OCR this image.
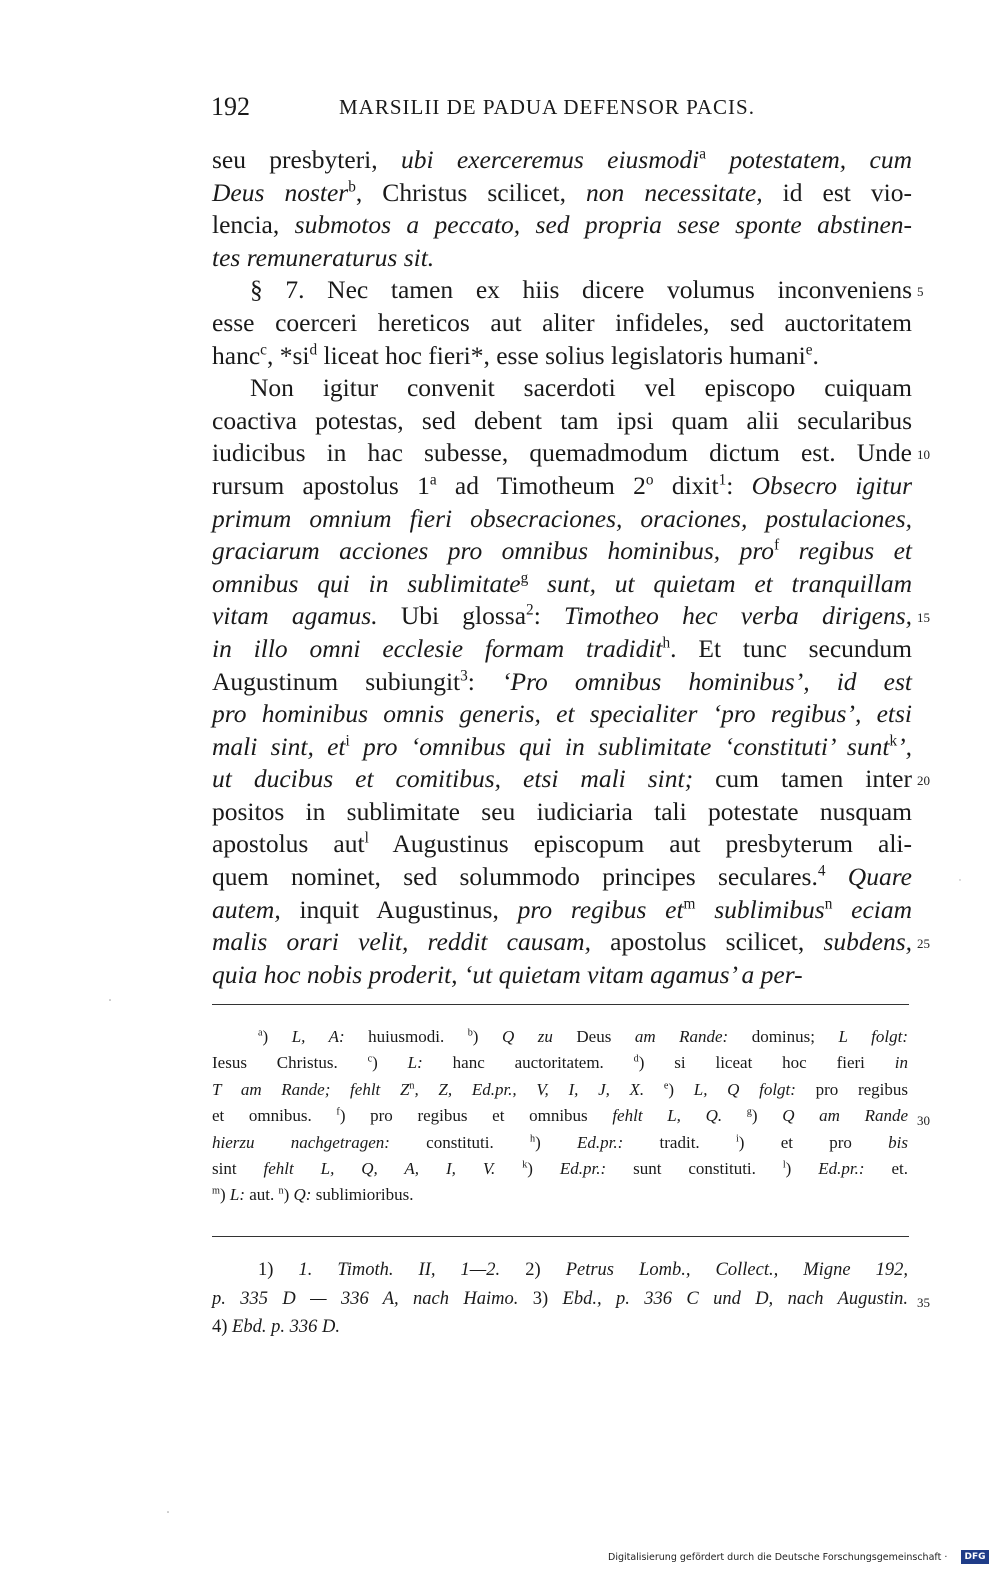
192	MARSILII DE PADUA DEFENSOR PACIS.
seu presbyteri, ubi exerceremus eiusmodi$^a$ potestatem, cum
Deus noster$^b$, Christus scilicet, non necessitate, id est vio-
lencia, submotos a peccato, sed propria sese sponte abstinen-
tes remuneraturus sit.
§ 7. Nec tamen ex hiis dicere volumus inconveniens
esse coerceri hereticos aut aliter infideles, sed auctoritatem
hanc$^c$, $*si^d$ liceat hoc fieri*, esse solius legislatoris humani$^e$.
Non igitur convenit sacerdoti vel episcopo cuiquam
coactiva potestas, sed debent tam ipsi quam alii secularibus
iudicibus in hac subesse, quemadmodum dictum est. Unde
rursum apostolus 1$^a$ ad Timotheum 2$^o$ dixit$^1$: Obsecro igitur
primum omnium fieri obsecraciones, oraciones, postulaciones,
graciarum acciones pro omnibus hominibus, pro$^f$ regibus et
omnibus qui in sublimitate$^g$ sunt, ut quietam et tranquillam
vitam agamus. Ubi glossa$^2$: Timotheo hec verba dirigens,
in illo omni ecclesie formam tradidit$^h$. Et tunc secundum
Augustinum subiungit$^3$: ‘Pro omnibus hominibus’, id est
pro hominibus omnis generis, et specialiter ‘pro regibus’, etsi
mali sint, $et^i$ pro ‘omnibus qui in sublimitate ‘constituti’ sunt$^k$’,
ut ducibus et comitibus, etsi mali sint; cum tamen inter
positos in sublimitate seu iudiciaria tali potestate nusquam
apostolus aut$^l$ Augustinus episcopum aut presbyterum ali-
quem nominet, sed solummodo principes seculares.$^4$ Quare
autem, inquit Augustinus, pro regibus $et^m$ sublimibus$^n$ eciam
malis orari velit, reddit causam, apostolus scilicet, subdens,
quia hoc nobis proderit, ‘ut quietam vitam agamus’ a per-
5
10
15
20
25
30
35
$^a$) L, A: huiusmodi. $^b$) Q zu Deus am Rande: dominus; L folgt:
Iesus Christus. $^c$) L: hanc auctoritatem. $^d$) si liceat hoc fieri in
T am Rande; fehlt $Z^n$, Z, Ed.pr., V, I, J, X. $^e$) L, Q folgt: pro regibus
et omnibus. $^f$) pro regibus et omnibus fehlt L, Q. $^g$) Q am Rande
hierzu nachgetragen: constituti. $^h$) Ed.pr.: tradit. $^i$) et pro bis
sint fehlt L, Q, A, I, V.	$^k$) Ed.pr.: sunt constituti. $^l$) Ed.pr.: et.
$^m$) L: aut. $^n$) Q: sublimioribus.
1) 1. Timoth. II, 1—2. 2) Petrus Lomb., Collect., Migne 192,
p. 335 D — 336 A, nach Haimo. 3) Ebd., p. 336 C und D, nach Augustin.
4) Ebd. p. 336 D.
Digitalisierung gefördert durch die Deutsche Forschungsgemeinschaft ·	DFG
